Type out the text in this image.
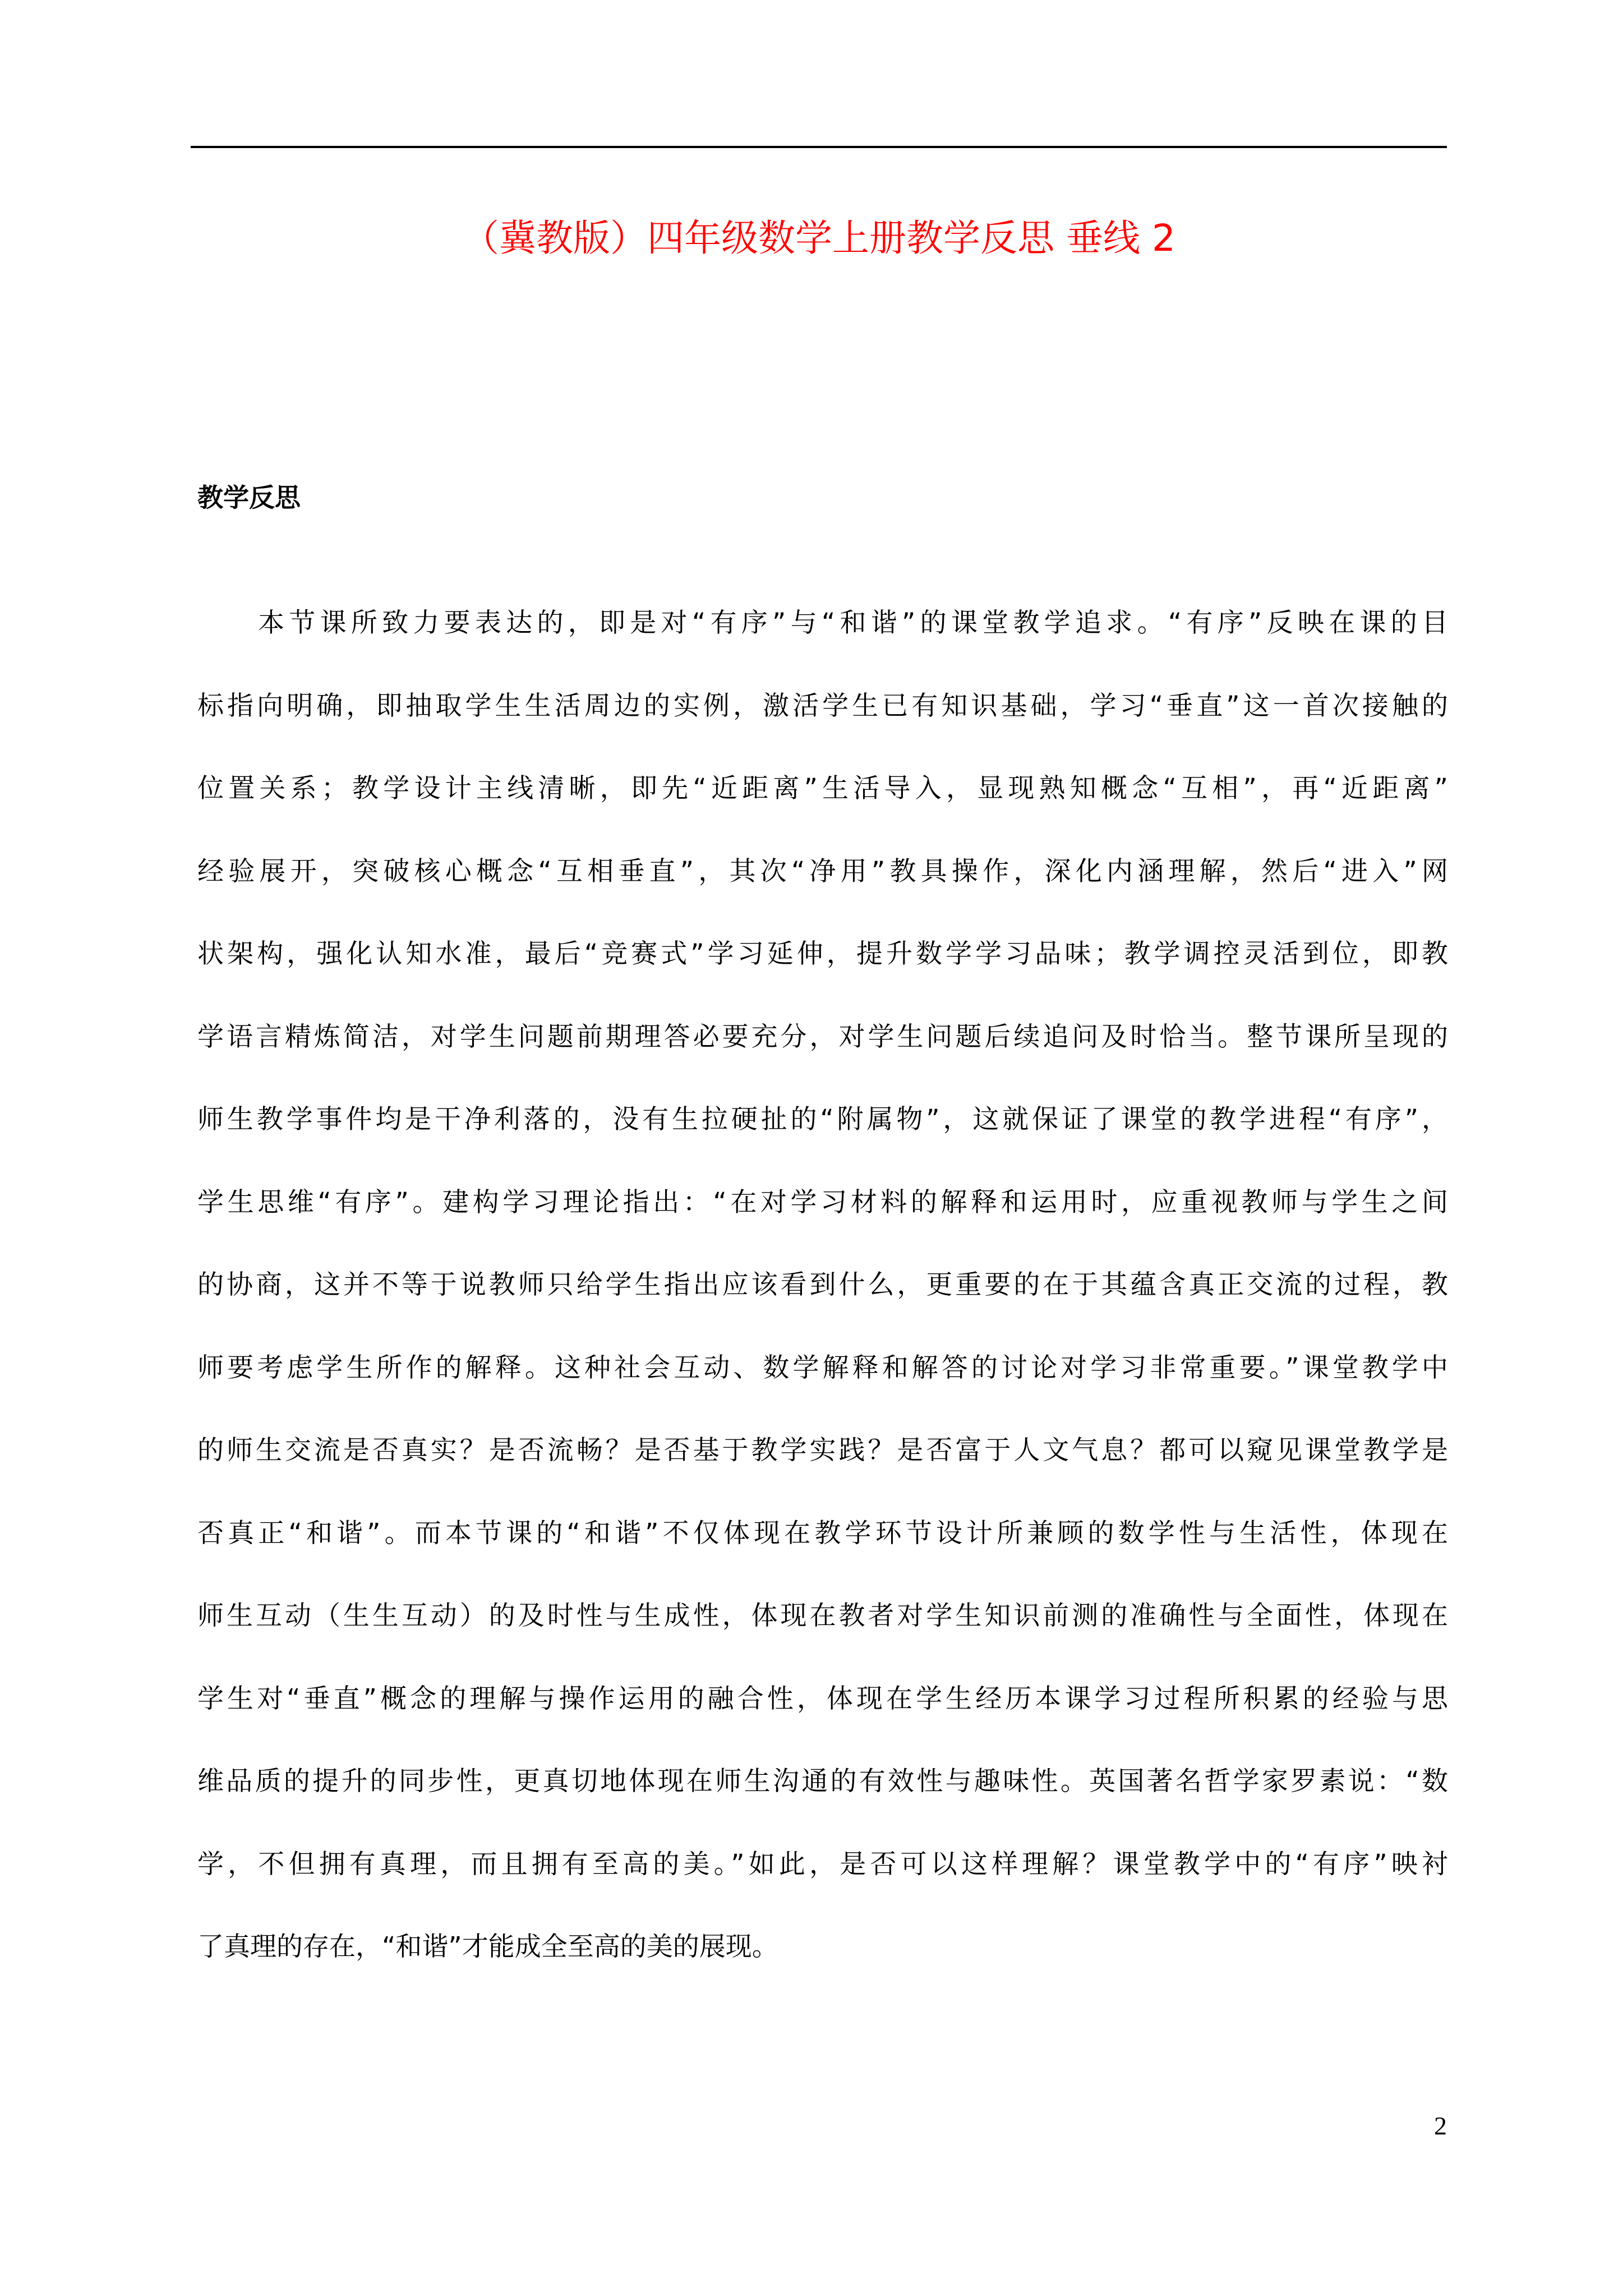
（冀教版）四年级数学上册教学反思 垂线 2
教学反思
本节课所致力要表达的，即是对“有序”与“和谐”的课堂教学追求。“有序”反映在课的目
标指向明确，即抽取学生生活周边的实例，激活学生已有知识基础，学习“垂直”这一首次接触的
位置关系；教学设计主线清晰，即先“近距离”生活导入，显现熟知概念“互相”，再“近距离”
经验展开，突破核心概念“互相垂直”，其次“净用”教具操作，深化内涵理解，然后“进入”网
状架构，强化认知水准，最后“竞赛式”学习延伸，提升数学学习品味；教学调控灵活到位，即教
学语言精炼简洁，对学生问题前期理答必要充分，对学生问题后续追问及时恰当。整节课所呈现的
师生教学事件均是干净利落的，没有生拉硬扯的“附属物”，这就保证了课堂的教学进程“有序”，
学生思维“有序”。建构学习理论指出：“在对学习材料的解释和运用时，应重视教师与学生之间
的协商，这并不等于说教师只给学生指出应该看到什么，更重要的在于其蕴含真正交流的过程，教
师要考虑学生所作的解释。这种社会互动、数学解释和解答的讨论对学习非常重要。”课堂教学中
的师生交流是否真实？是否流畅？是否基于教学实践？是否富于人文气息？都可以窥见课堂教学是
否真正“和谐”。而本节课的“和谐”不仅体现在教学环节设计所兼顾的数学性与生活性，体现在
师生互动（生生互动）的及时性与生成性，体现在教者对学生知识前测的准确性与全面性，体现在
学生对“垂直”概念的理解与操作运用的融合性，体现在学生经历本课学习过程所积累的经验与思
维品质的提升的同步性，更真切地体现在师生沟通的有效性与趣味性。英国著名哲学家罗素说：“数
学，不但拥有真理，而且拥有至高的美。”如此，是否可以这样理解？课堂教学中的“有序”映衬
了真理的存在，“和谐”才能成全至高的美的展现。
2
